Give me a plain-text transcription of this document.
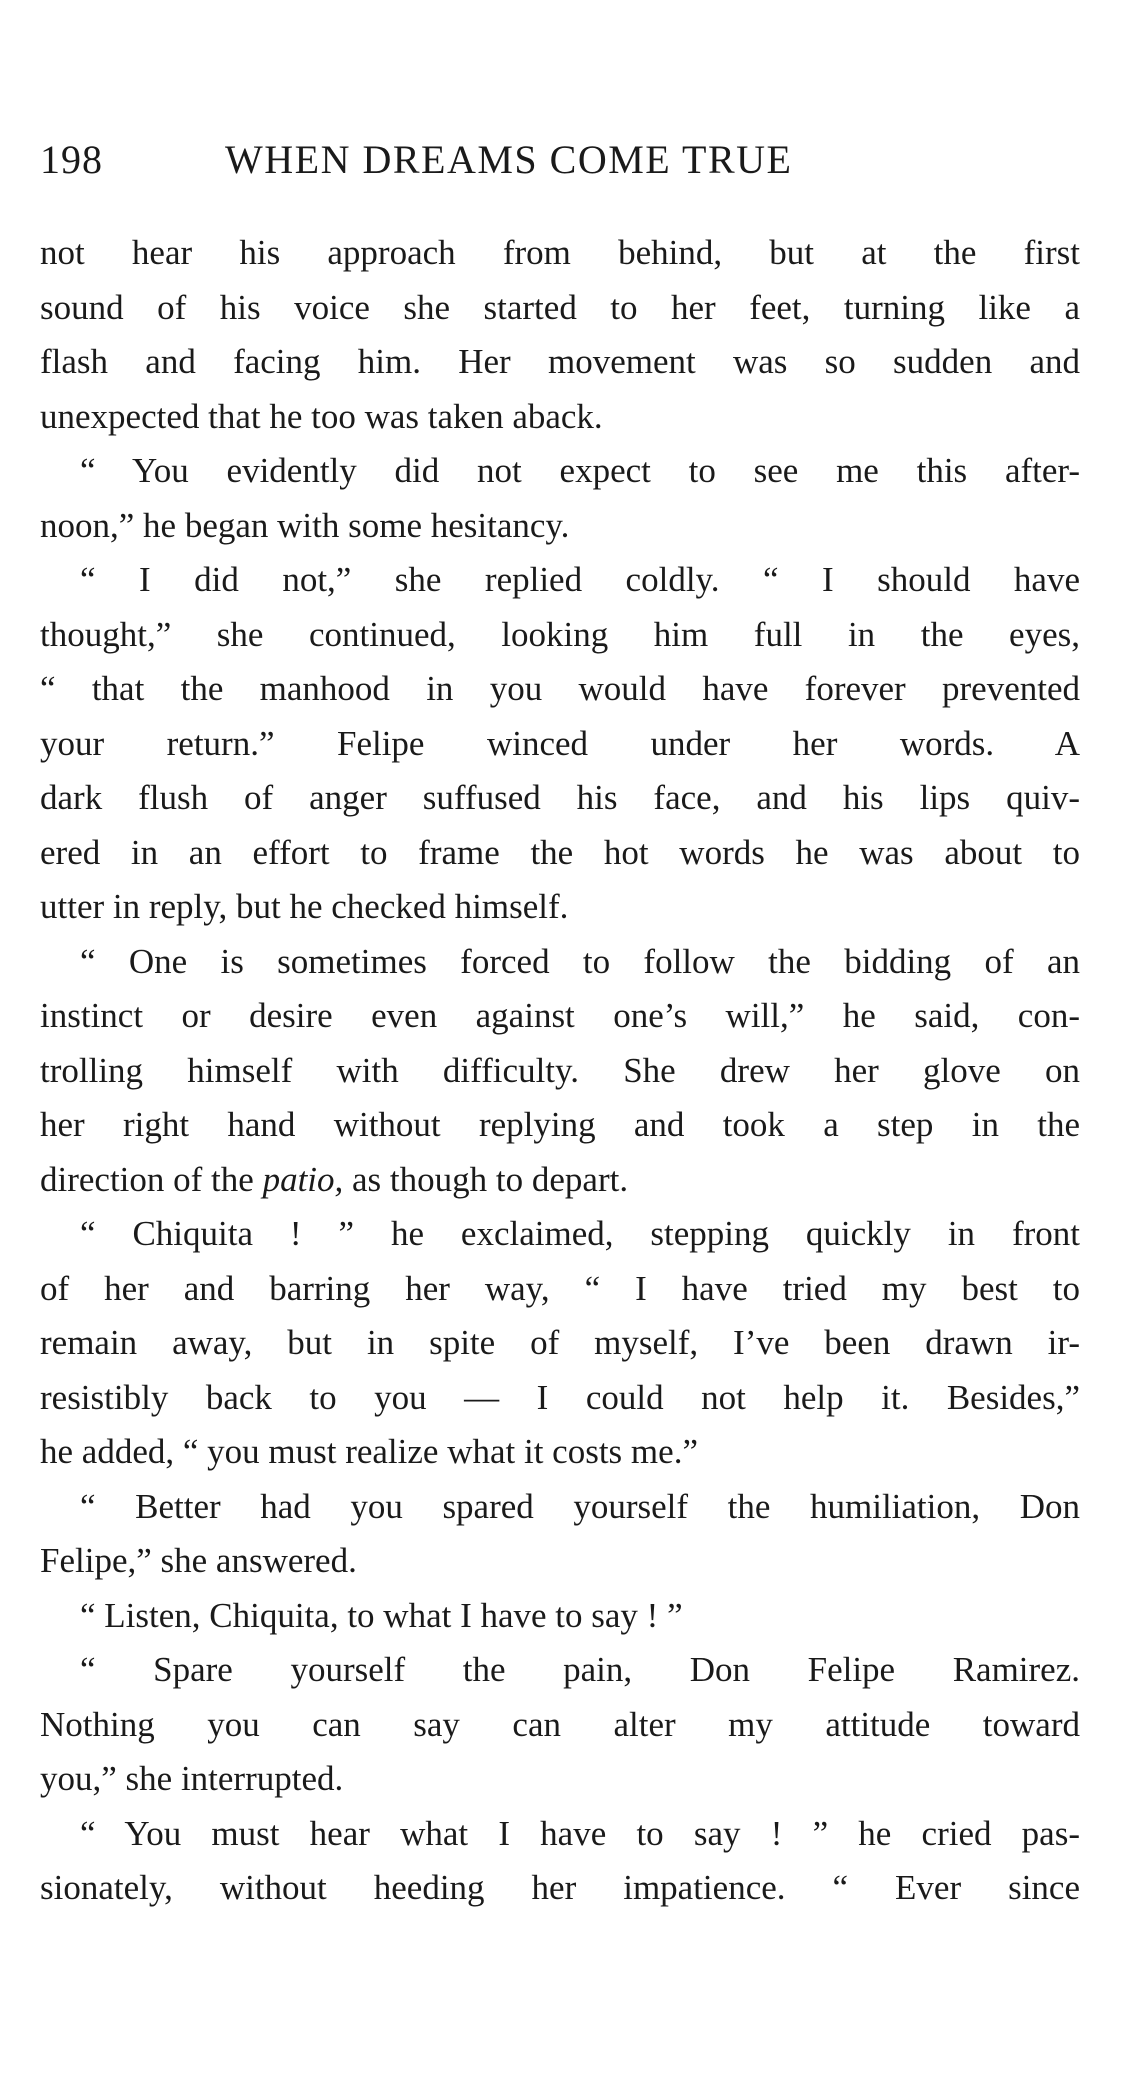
198	WHEN DREAMS COME TRUE
not hear his approach from behind, but at the first
sound of his voice she started to her feet, turning like a
flash and facing him. Her movement was so sudden and
unexpected that he too was taken aback.
“ You evidently did not expect to see me this after-
noon,” he began with some hesitancy.
“ I did not,” she replied coldly. “ I should have
thought,” she continued, looking him full in the eyes,
“ that the manhood in you would have forever prevented
your return.” Felipe winced under her words. A
dark flush of anger suffused his face, and his lips quiv-
ered in an effort to frame the hot words he was about to
utter in reply, but he checked himself.
“ One is sometimes forced to follow the bidding of an
instinct or desire even against one’s will,” he said, con-
trolling himself with difficulty. She drew her glove on
her right hand without replying and took a step in the
direction of the patio, as though to depart.
“ Chiquita ! ” he exclaimed, stepping quickly in front
of her and barring her way, “ I have tried my best to
remain away, but in spite of myself, I’ve been drawn ir-
resistibly back to you — I could not help it. Besides,”
he added, “ you must realize what it costs me.”
“ Better had you spared yourself the humiliation, Don
Felipe,” she answered.
“ Listen, Chiquita, to what I have to say ! ”
“ Spare yourself the pain, Don Felipe Ramirez.
Nothing you can say can alter my attitude toward
you,” she interrupted.
“ You must hear what I have to say ! ” he cried pas-
sionately, without heeding her impatience. “ Ever since
